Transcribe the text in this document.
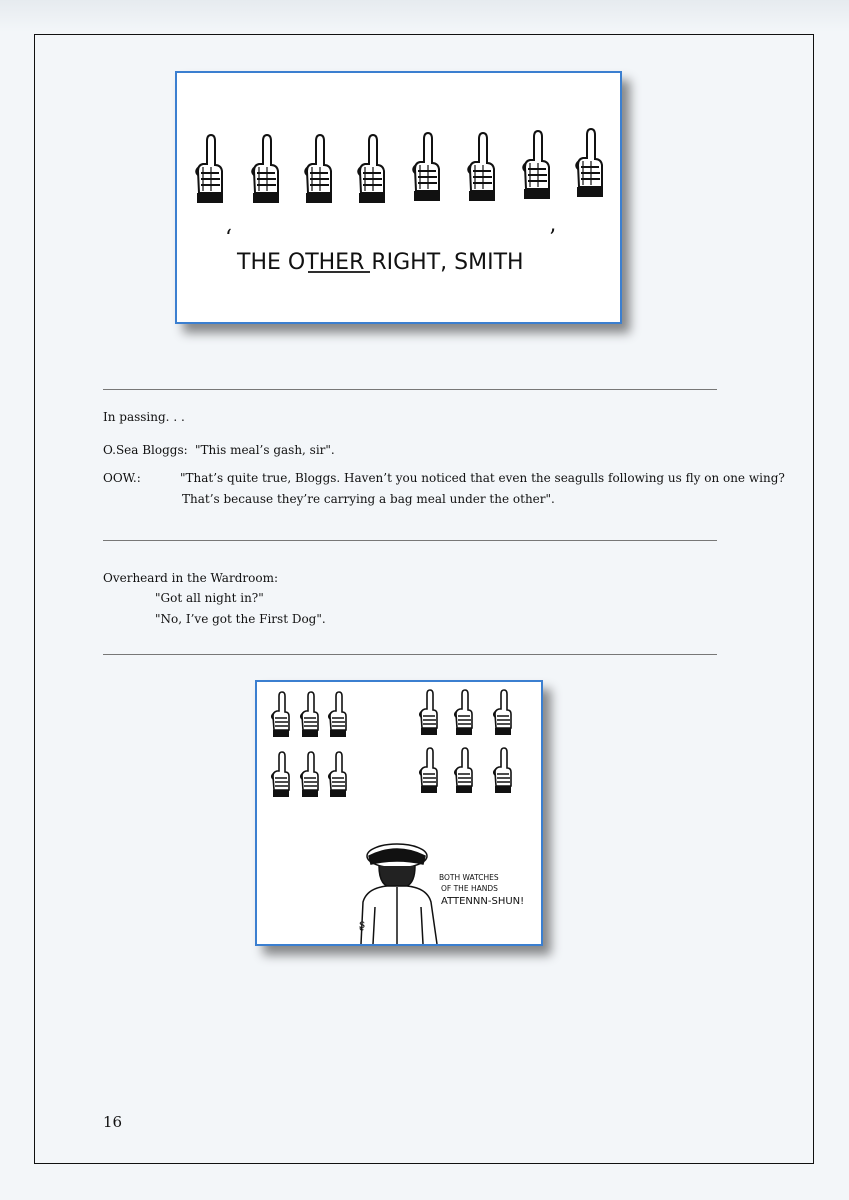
THE OTHER RIGHT, SMITH
‘	’
In passing. . .
O.Sea Bloggs: "This meal’s gash, sir".
OOW.:	"That’s quite true, Bloggs. Haven’t you noticed that even the seagulls following us fly on one wing?
That’s because they’re carrying a bag meal under the other".
Overheard in the Wardroom:
"Got all night in?"
"No, I’ve got the First Dog".
ʂ
BOTH WATCHES
OF THE HANDS
ATTENNN-SHUN!
16
